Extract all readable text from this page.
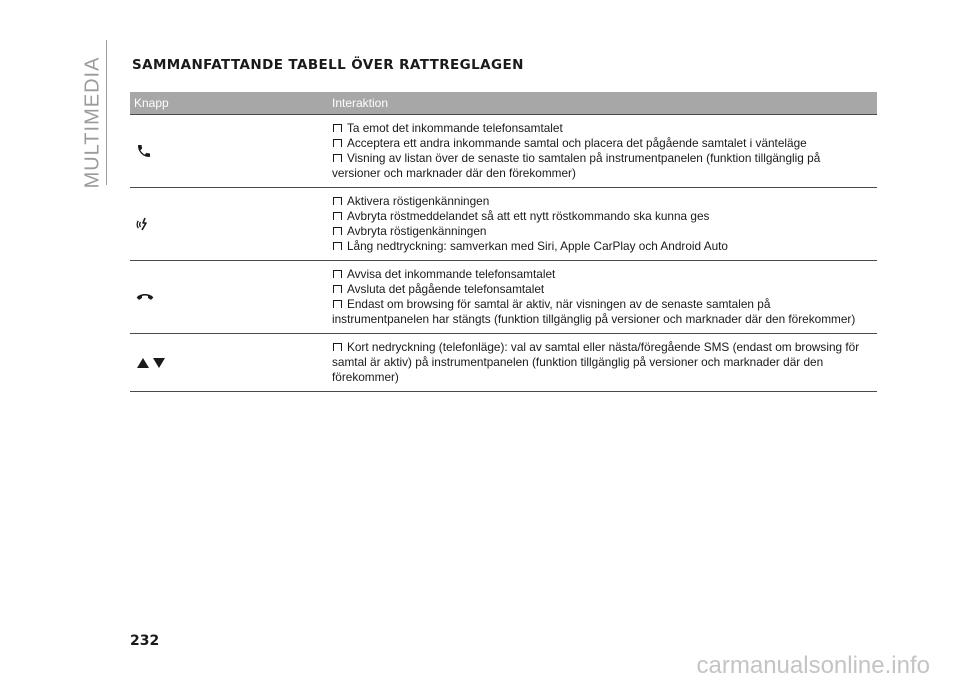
MULTIMEDIA SAMMANFATTANDE TABELL ÖVER RATTREGLAGEN
Knapp	Interaktion

Ta emot det inkommande telefonsamtalet
Acceptera ett andra inkommande samtal och placera det pågående samtalet i vänteläge
Visning av listan över de senaste tio samtalen på instrumentpanelen (funktion tillgänglig på versioner och marknader där den förekommer)

Aktivera röstigenkänningen
Avbryta röstmeddelandet så att ett nytt röstkommando ska kunna ges
Avbryta röstigenkänningen
Lång nedtryckning: samverkan med Siri, Apple CarPlay och Android Auto

Avvisa det inkommande telefonsamtalet
Avsluta det pågående telefonsamtalet
Endast om browsing för samtal är aktiv, när visningen av de senaste samtalen på instrumentpanelen har stängts (funktion tillgänglig på versioner och marknader där den förekommer)

Kort nedryckning (telefonläge): val av samtal eller nästa/föregående SMS (endast om browsing för samtal är aktiv) på instrumentpanelen (funktion tillgänglig på versioner och marknader där den förekommer)
232
carmanualsonline.info
